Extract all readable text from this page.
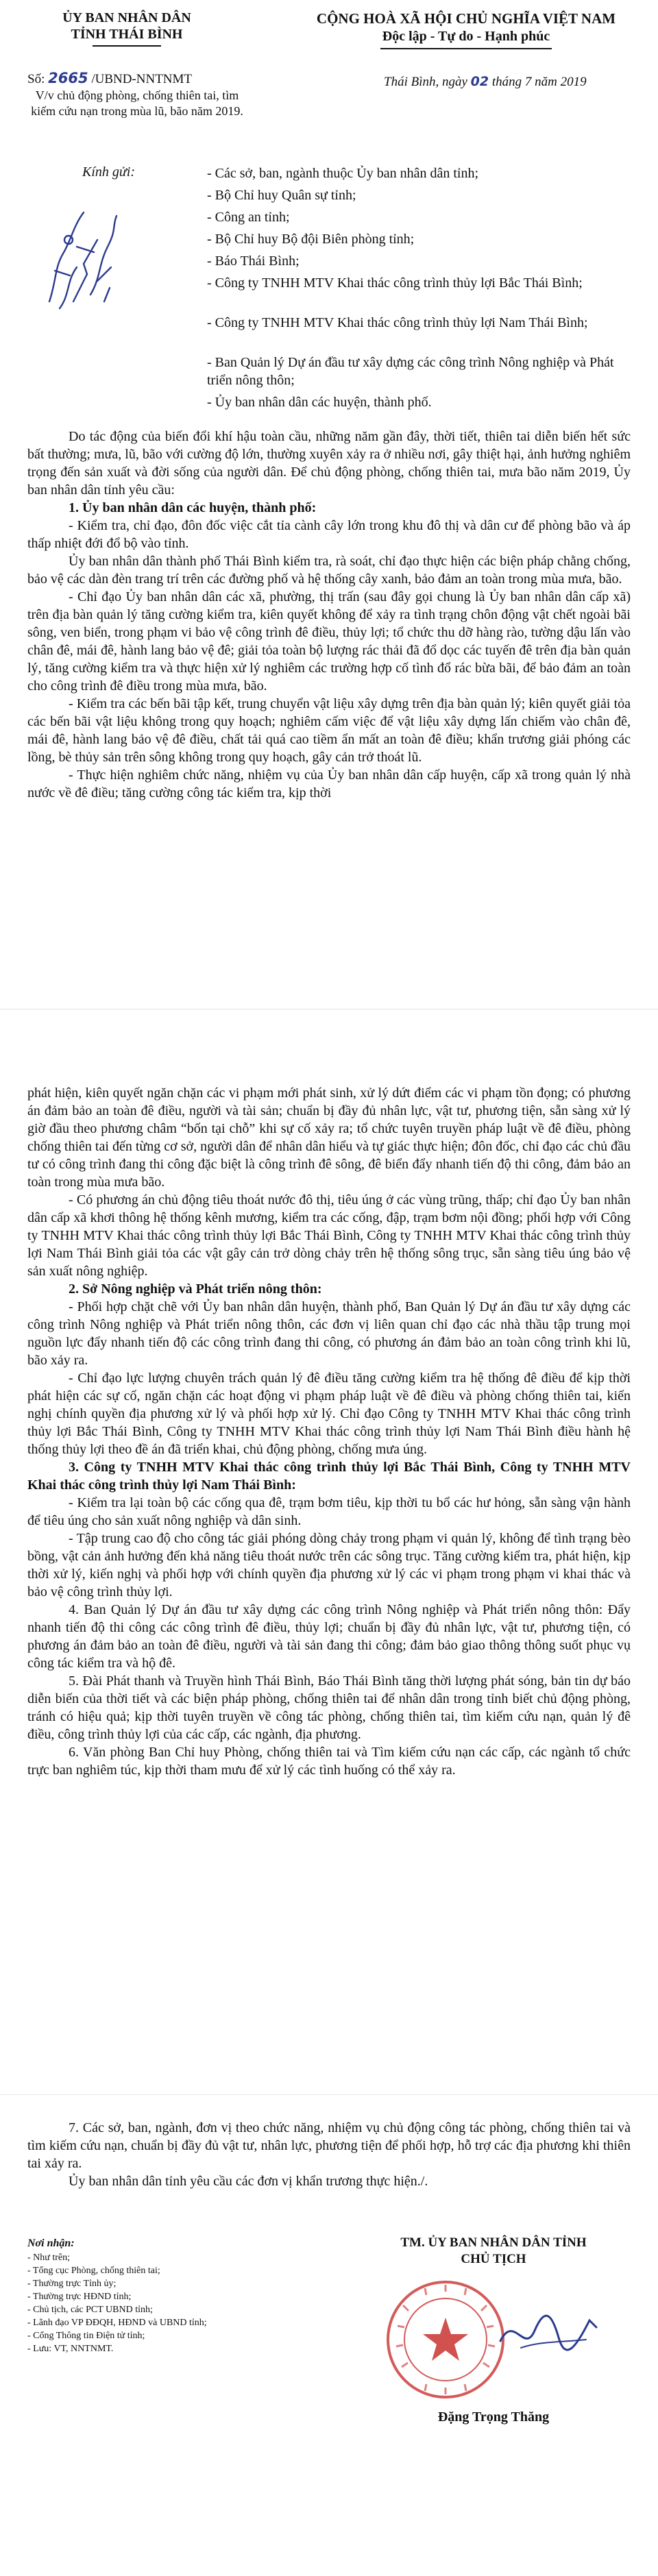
ỦY BAN NHÂN DÂN
TỈNH THÁI BÌNH
CỘNG HOÀ XÃ HỘI CHỦ NGHĨA VIỆT NAM
Độc lập - Tự do - Hạnh phúc
Số: 2665 /UBND-NNTNMT
V/v chủ động phòng, chống thiên tai, tìm kiếm cứu nạn trong mùa lũ, bão năm 2019.
Thái Bình, ngày 02 tháng 7 năm 2019
Kính gửi:	- Các sở, ban, ngành thuộc Ủy ban nhân dân tỉnh;
- Bộ Chỉ huy Quân sự tỉnh;
- Công an tỉnh;
- Bộ Chỉ huy Bộ đội Biên phòng tỉnh;
- Báo Thái Bình;
- Công ty TNHH MTV Khai thác công trình thủy lợi Bắc Thái Bình;
- Công ty TNHH MTV Khai thác công trình thủy lợi Nam Thái Bình;
- Ban Quản lý Dự án đầu tư xây dựng các công trình Nông nghiệp và Phát triển nông thôn;
- Ủy ban nhân dân các huyện, thành phố.

Do tác động của biến đổi khí hậu toàn cầu, những năm gần đây, thời tiết, thiên tai diễn biến hết sức bất thường; mưa, lũ, bão với cường độ lớn, thường xuyên xảy ra ở nhiều nơi, gây thiệt hại, ảnh hưởng nghiêm trọng đến sản xuất và đời sống của người dân. Để chủ động phòng, chống thiên tai, mưa bão năm 2019, Ủy ban nhân dân tỉnh yêu cầu:

1. Ủy ban nhân dân các huyện, thành phố:

- Kiểm tra, chỉ đạo, đôn đốc việc cắt tỉa cành cây lớn trong khu đô thị và dân cư để phòng bão và áp thấp nhiệt đới đổ bộ vào tỉnh.

Ủy ban nhân dân thành phố Thái Bình kiểm tra, rà soát, chỉ đạo thực hiện các biện pháp chằng chống, bảo vệ các dàn đèn trang trí trên các đường phố và hệ thống cây xanh, bảo đảm an toàn trong mùa mưa, bão.

- Chỉ đạo Ủy ban nhân dân các xã, phường, thị trấn (sau đây gọi chung là Ủy ban nhân dân cấp xã) trên địa bàn quản lý tăng cường kiểm tra, kiên quyết không để xảy ra tình trạng chôn động vật chết ngoài bãi sông, ven biển, trong phạm vi bảo vệ công trình đê điều, thủy lợi; tổ chức thu dỡ hàng rào, tường dậu lấn vào chân đê, mái đê, hành lang bảo vệ đê; giải tỏa toàn bộ lượng rác thải đã đổ dọc các tuyến đê trên địa bàn quản lý, tăng cường kiểm tra và thực hiện xử lý nghiêm các trường hợp cố tình đổ rác bừa bãi, để bảo đảm an toàn cho công trình đê điều trong mùa mưa, bão.

- Kiểm tra các bến bãi tập kết, trung chuyển vật liệu xây dựng trên địa bàn quản lý; kiên quyết giải tỏa các bến bãi vật liệu không trong quy hoạch; nghiêm cấm việc để vật liệu xây dựng lấn chiếm vào chân đê, mái đê, hành lang bảo vệ đê điều, chất tải quá cao tiềm ẩn mất an toàn đê điều; khẩn trương giải phóng các lồng, bè thủy sản trên sông không trong quy hoạch, gây cản trở thoát lũ.

- Thực hiện nghiêm chức năng, nhiệm vụ của Ủy ban nhân dân cấp huyện, cấp xã trong quản lý nhà nước về đê điều; tăng cường công tác kiểm tra, kịp thời

phát hiện, kiên quyết ngăn chặn các vi phạm mới phát sinh, xử lý dứt điểm các vi phạm tồn đọng; có phương án đảm bảo an toàn đê điều, người và tài sản; chuẩn bị đầy đủ nhân lực, vật tư, phương tiện, sẵn sàng xử lý giờ đầu theo phương châm “bốn tại chỗ” khi sự cố xảy ra; tổ chức tuyên truyền pháp luật về đê điều, phòng chống thiên tai đến từng cơ sở, người dân để nhân dân hiểu và tự giác thực hiện; đôn đốc, chỉ đạo các chủ đầu tư có công trình đang thi công đặc biệt là công trình đê sông, đê biển đẩy nhanh tiến độ thi công, đảm bảo an toàn trong mùa mưa bão.

- Có phương án chủ động tiêu thoát nước đô thị, tiêu úng ở các vùng trũng, thấp; chỉ đạo Ủy ban nhân dân cấp xã khơi thông hệ thống kênh mương, kiểm tra các cống, đập, trạm bơm nội đồng; phối hợp với Công ty TNHH MTV Khai thác công trình thủy lợi Bắc Thái Bình, Công ty TNHH MTV Khai thác công trình thủy lợi Nam Thái Bình giải tỏa các vật gây cản trở dòng chảy trên hệ thống sông trục, sẵn sàng tiêu úng bảo vệ sản xuất nông nghiệp.

2. Sở Nông nghiệp và Phát triển nông thôn:

- Phối hợp chặt chẽ với Ủy ban nhân dân huyện, thành phố, Ban Quản lý Dự án đầu tư xây dựng các công trình Nông nghiệp và Phát triển nông thôn, các đơn vị liên quan chỉ đạo các nhà thầu tập trung mọi nguồn lực đẩy nhanh tiến độ các công trình đang thi công, có phương án đảm bảo an toàn công trình khi lũ, bão xảy ra.

- Chỉ đạo lực lượng chuyên trách quản lý đê điều tăng cường kiểm tra hệ thống đê điều để kịp thời phát hiện các sự cố, ngăn chặn các hoạt động vi phạm pháp luật về đê điều và phòng chống thiên tai, kiến nghị chính quyền địa phương xử lý và phối hợp xử lý. Chỉ đạo Công ty TNHH MTV Khai thác công trình thủy lợi Bắc Thái Bình, Công ty TNHH MTV Khai thác công trình thủy lợi Nam Thái Bình điều hành hệ thống thủy lợi theo đề án đã triển khai, chủ động phòng, chống mưa úng.

3. Công ty TNHH MTV Khai thác công trình thủy lợi Bắc Thái Bình, Công ty TNHH MTV Khai thác công trình thủy lợi Nam Thái Bình:

- Kiểm tra lại toàn bộ các cống qua đê, trạm bơm tiêu, kịp thời tu bổ các hư hỏng, sẵn sàng vận hành để tiêu úng cho sản xuất nông nghiệp và dân sinh.

- Tập trung cao độ cho công tác giải phóng dòng chảy trong phạm vi quản lý, không để tình trạng bèo bồng, vật cản ảnh hưởng đến khả năng tiêu thoát nước trên các sông trục. Tăng cường kiểm tra, phát hiện, kịp thời xử lý, kiến nghị và phối hợp với chính quyền địa phương xử lý các vi phạm trong phạm vi khai thác và bảo vệ công trình thủy lợi.

4. Ban Quản lý Dự án đầu tư xây dựng các công trình Nông nghiệp và Phát triển nông thôn: Đẩy nhanh tiến độ thi công các công trình đê điều, thủy lợi; chuẩn bị đầy đủ nhân lực, vật tư, phương tiện, có phương án đảm bảo an toàn đê điều, người và tài sản đang thi công; đảm bảo giao thông thông suốt phục vụ công tác kiểm tra và hộ đê.

5. Đài Phát thanh và Truyền hình Thái Bình, Báo Thái Bình tăng thời lượng phát sóng, bản tin dự báo diễn biến của thời tiết và các biện pháp phòng, chống thiên tai để nhân dân trong tỉnh biết chủ động phòng, tránh có hiệu quả; kịp thời tuyên truyền về công tác phòng, chống thiên tai, tìm kiếm cứu nạn, quản lý đê điều, công trình thủy lợi của các cấp, các ngành, địa phương.

6. Văn phòng Ban Chỉ huy Phòng, chống thiên tai và Tìm kiếm cứu nạn các cấp, các ngành tổ chức trực ban nghiêm túc, kịp thời tham mưu để xử lý các tình huống có thể xảy ra.

7. Các sở, ban, ngành, đơn vị theo chức năng, nhiệm vụ chủ động công tác phòng, chống thiên tai và tìm kiếm cứu nạn, chuẩn bị đầy đủ vật tư, nhân lực, phương tiện để phối hợp, hỗ trợ các địa phương khi thiên tai xảy ra.

Ủy ban nhân dân tỉnh yêu cầu các đơn vị khẩn trương thực hiện./.

Nơi nhận:
- Như trên;
- Tổng cục Phòng, chống thiên tai;
- Thường trực Tỉnh ủy;
- Thường trực HĐND tỉnh;
- Chủ tịch, các PCT UBND tỉnh;
- Lãnh đạo VP ĐĐQH, HĐND và UBND tỉnh;
- Cổng Thông tin Điện tử tỉnh;
- Lưu: VT, NNTNMT.
TM. ỦY BAN NHÂN DÂN TỈNH
CHỦ TỊCH
Đặng Trọng Thăng
